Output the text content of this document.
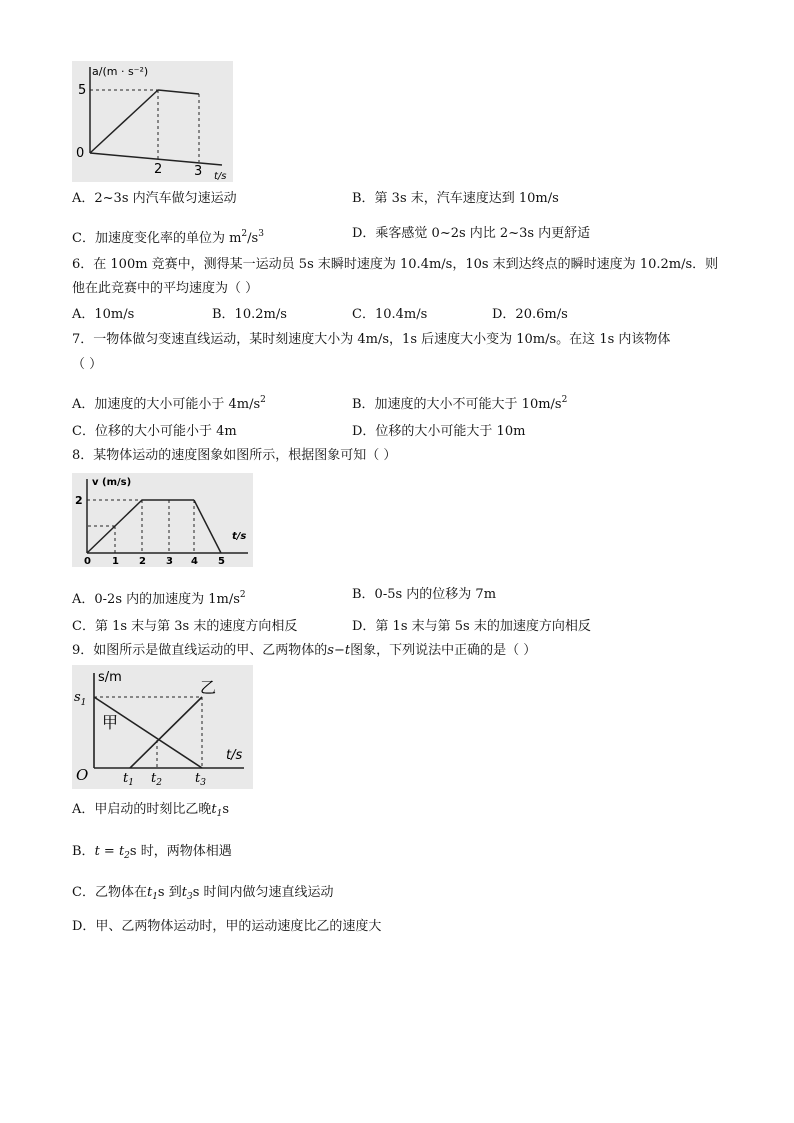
a/(m · s⁻²)
5
0
2 3 t/s
A．2~3s 内汽车做匀速运动	B．第 3s 末，汽车速度达到 10m/s
C．加速度变化率的单位为 $m^2/s^3$	D．乘客感觉 0~2s 内比 2~3s 内更舒适
6．在 100m 竞赛中，测得某一运动员 5s 末瞬时速度为 10.4m/s，10s 末到达终点的瞬时速度为 10.2m/s．则
他在此竞赛中的平均速度为（ ）
A．10m/s	B．10.2m/s	C．10.4m/s	D．20.6m/s
7．一物体做匀变速直线运动，某时刻速度大小为 4m/s，1s 后速度大小变为 10m/s。在这 1s 内该物体
（ ）
A．加速度的大小可能小于 $4m/s^2$	B．加速度的大小不可能大于 $10m/s^2$
C．位移的大小可能小于 4m	D．位移的大小可能大于 10m
8．某物体运动的速度图象如图所示，根据图象可知（ ）
v (m/s)
2
t/s
0 1 2 3 4 5
A．0-2s 内的加速度为 $1m/s^2$	B．0-5s 内的位移为 7m
C．第 1s 末与第 3s 末的速度方向相反	D．第 1s 末与第 5s 末的加速度方向相反
9．如图所示是做直线运动的甲、乙两物体的s−t图象，下列说法中正确的是（ ）
s/m
$s_1$
甲
乙
t/s
O	$t_1$ $t_2$	$t_3$
A．甲启动的时刻比乙晚$t_1s$
B．$t = t_2s$ 时，两物体相遇
C．乙物体在$t_1s$ 到$t_3s$ 时间内做匀速直线运动
D．甲、乙两物体运动时，甲的运动速度比乙的速度大
